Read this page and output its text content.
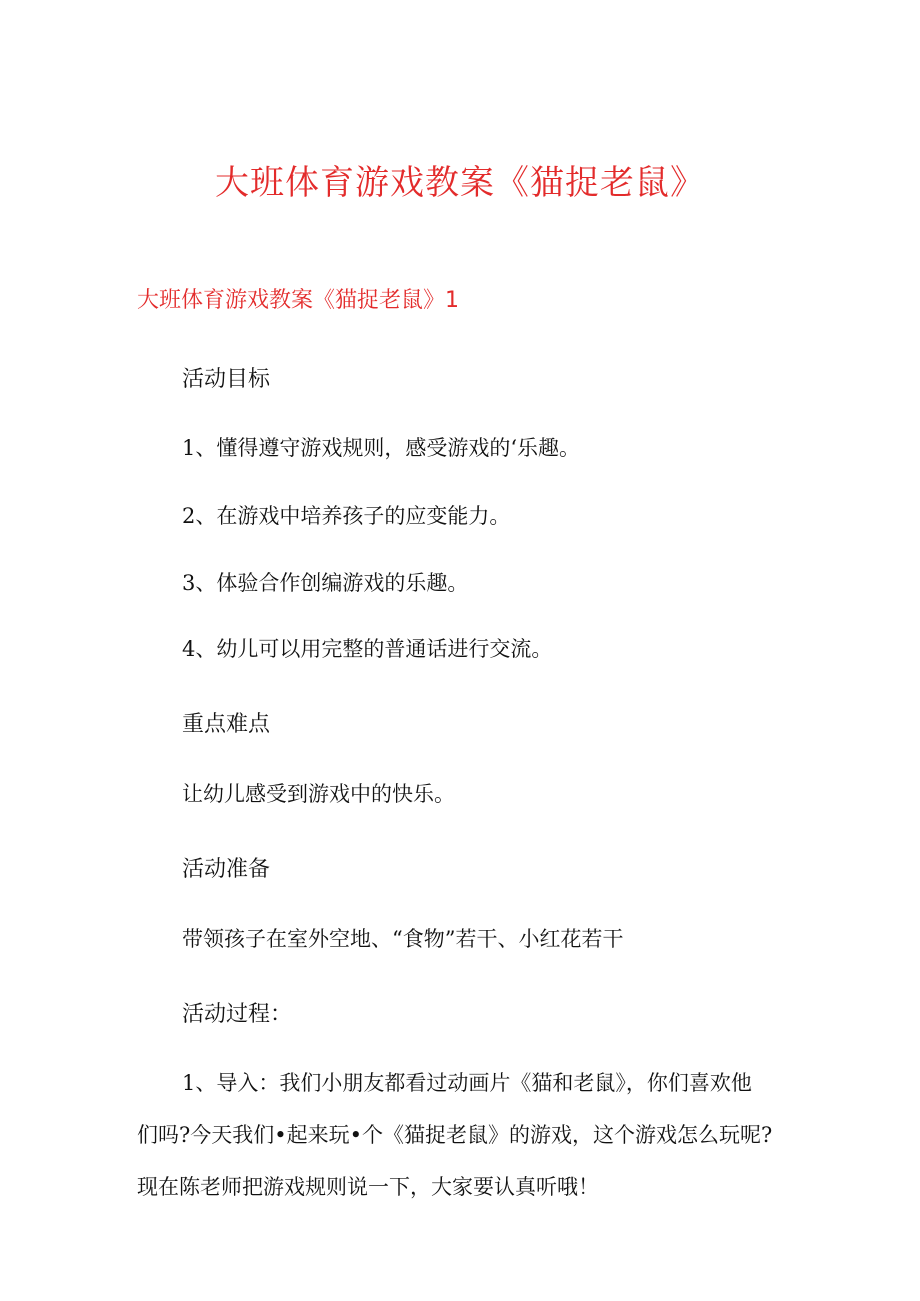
大班体育游戏教案《猫捉老鼠》
大班体育游戏教案《猫捉老鼠》1
活动目标

1、懂得遵守游戏规则，感受游戏的‘乐趣。

2、在游戏中培养孩子的应变能力。

3、体验合作创编游戏的乐趣。

4、幼儿可以用完整的普通话进行交流。

重点难点

让幼儿感受到游戏中的快乐。

活动准备

带领孩子在室外空地、“食物”若干、小红花若干

活动过程：
1、导入：我们小朋友都看过动画片《猫和老鼠》，你们喜欢他
们吗?今天我们•起来玩•个《猫捉老鼠》的游戏，这个游戏怎么玩呢?
现在陈老师把游戏规则说一下，大家要认真听哦！
